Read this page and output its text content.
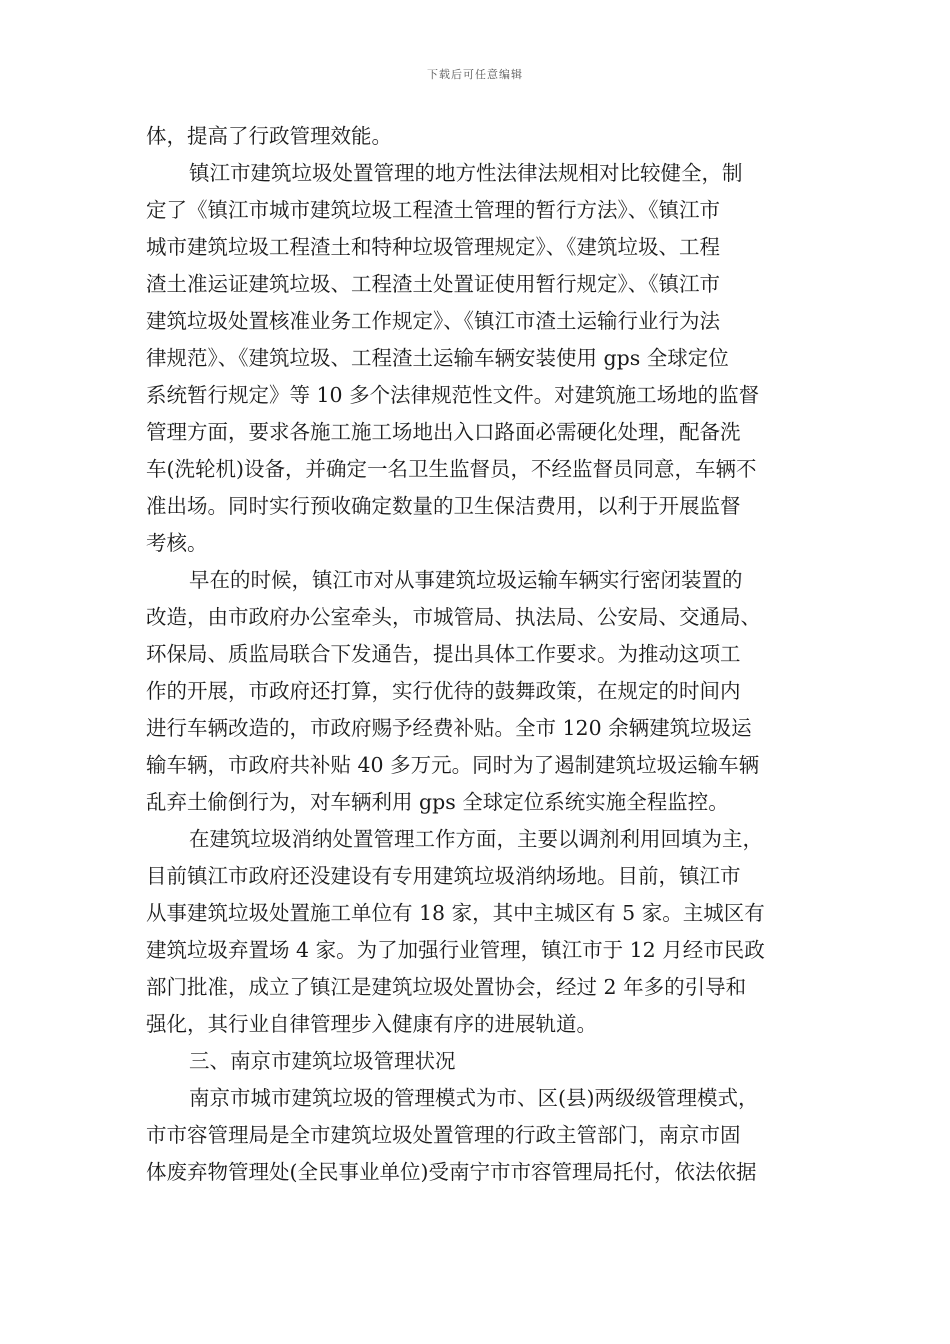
下载后可任意编辑
体，提高了行政管理效能。
镇江市建筑垃圾处置管理的地方性法律法规相对比较健全，制
定了《镇江市城市建筑垃圾工程渣土管理的暂行方法》、《镇江市
城市建筑垃圾工程渣土和特种垃圾管理规定》、《建筑垃圾、工程
渣土准运证建筑垃圾、工程渣土处置证使用暂行规定》、《镇江市
建筑垃圾处置核准业务工作规定》、《镇江市渣土运输行业行为法
律规范》、《建筑垃圾、工程渣土运输车辆安装使用 gps 全球定位
系统暂行规定》等 10 多个法律规范性文件。对建筑施工场地的监督
管理方面，要求各施工施工场地出入口路面必需硬化处理，配备洗
车(洗轮机)设备，并确定一名卫生监督员，不经监督员同意，车辆不
准出场。同时实行预收确定数量的卫生保洁费用，以利于开展监督
考核。
早在的时候，镇江市对从事建筑垃圾运输车辆实行密闭装置的
改造，由市政府办公室牵头，市城管局、执法局、公安局、交通局、
环保局、质监局联合下发通告，提出具体工作要求。为推动这项工
作的开展，市政府还打算，实行优待的鼓舞政策，在规定的时间内
进行车辆改造的，市政府赐予经费补贴。全市 120 余辆建筑垃圾运
输车辆，市政府共补贴 40 多万元。同时为了遏制建筑垃圾运输车辆
乱弃土偷倒行为，对车辆利用 gps 全球定位系统实施全程监控。
在建筑垃圾消纳处置管理工作方面，主要以调剂利用回填为主，
目前镇江市政府还没建设有专用建筑垃圾消纳场地。目前，镇江市
从事建筑垃圾处置施工单位有 18 家，其中主城区有 5 家。主城区有
建筑垃圾弃置场 4 家。为了加强行业管理，镇江市于 12 月经市民政
部门批准，成立了镇江是建筑垃圾处置协会，经过 2 年多的引导和
强化，其行业自律管理步入健康有序的进展轨道。
三、南京市建筑垃圾管理状况
南京市城市建筑垃圾的管理模式为市、区(县)两级级管理模式，
市市容管理局是全市建筑垃圾处置管理的行政主管部门，南京市固
体废弃物管理处(全民事业单位)受南宁市市容管理局托付，依法依据
